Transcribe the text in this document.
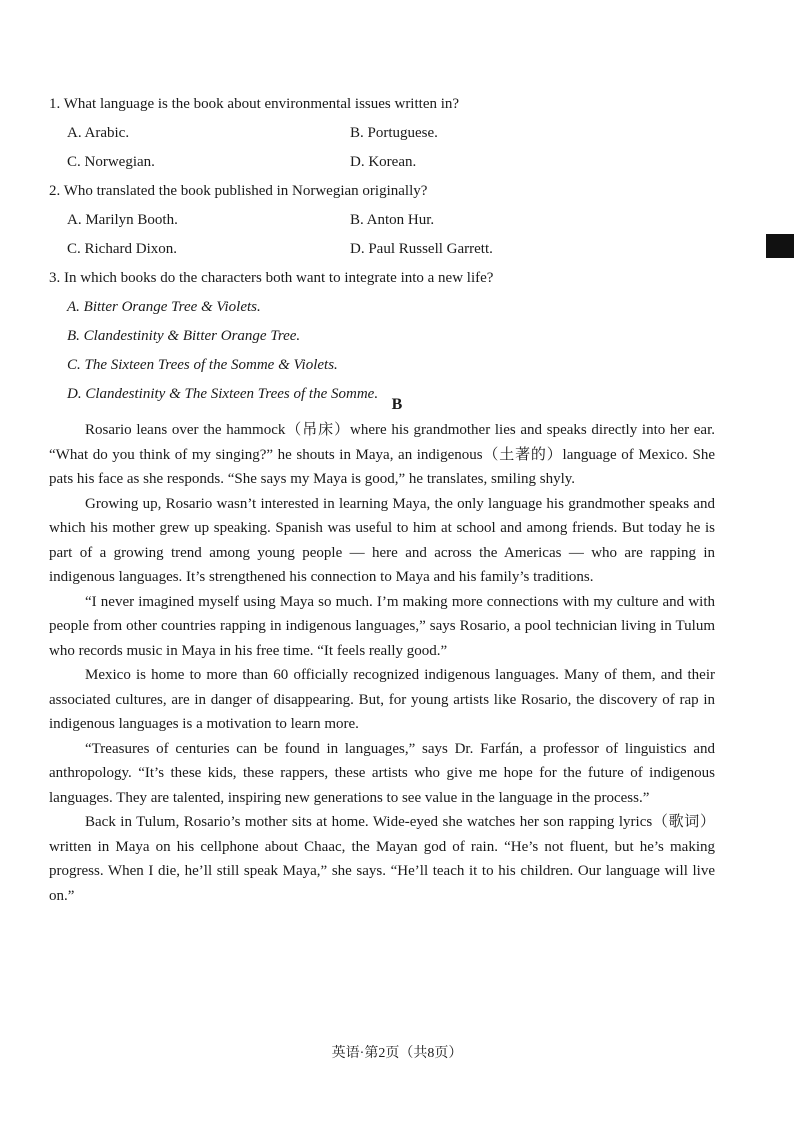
1. What language is the book about environmental issues written in?
A. Arabic.	B. Portuguese.
C. Norwegian.	D. Korean.
2. Who translated the book published in Norwegian originally?
A. Marilyn Booth.	B. Anton Hur.
C. Richard Dixon.	D. Paul Russell Garrett.
3. In which books do the characters both want to integrate into a new life?
A. Bitter Orange Tree & Violets.
B. Clandestinity & Bitter Orange Tree.
C. The Sixteen Trees of the Somme & Violets.
D. Clandestinity & The Sixteen Trees of the Somme.
B

Rosario leans over the hammock（吊床）where his grandmother lies and speaks directly into her ear. “What do you think of my singing?” he shouts in Maya, an indigenous（土著的）language of Mexico. She pats his face as she responds. “She says my Maya is good,” he translates, smiling shyly.

Growing up, Rosario wasn’t interested in learning Maya, the only language his grandmother speaks and which his mother grew up speaking. Spanish was useful to him at school and among friends. But today he is part of a growing trend among young people — here and across the Americas — who are rapping in indigenous languages. It’s strengthened his connection to Maya and his family’s traditions.

“I never imagined myself using Maya so much. I’m making more connections with my culture and with people from other countries rapping in indigenous languages,” says Rosario, a pool technician living in Tulum who records music in Maya in his free time. “It feels really good.”

Mexico is home to more than 60 officially recognized indigenous languages. Many of them, and their associated cultures, are in danger of disappearing. But, for young artists like Rosario, the discovery of rap in indigenous languages is a motivation to learn more.

“Treasures of centuries can be found in languages,” says Dr. Farfán, a professor of linguistics and anthropology. “It’s these kids, these rappers, these artists who give me hope for the future of indigenous languages. They are talented, inspiring new generations to see value in the language in the process.”

Back in Tulum, Rosario’s mother sits at home. Wide-eyed she watches her son rapping lyrics（歌词）written in Maya on his cellphone about Chaac, the Mayan god of rain. “He’s not fluent, but he’s making progress. When I die, he’ll still speak Maya,” she says. “He’ll teach it to his children. Our language will live on.”

英语·第2页（共8页）
